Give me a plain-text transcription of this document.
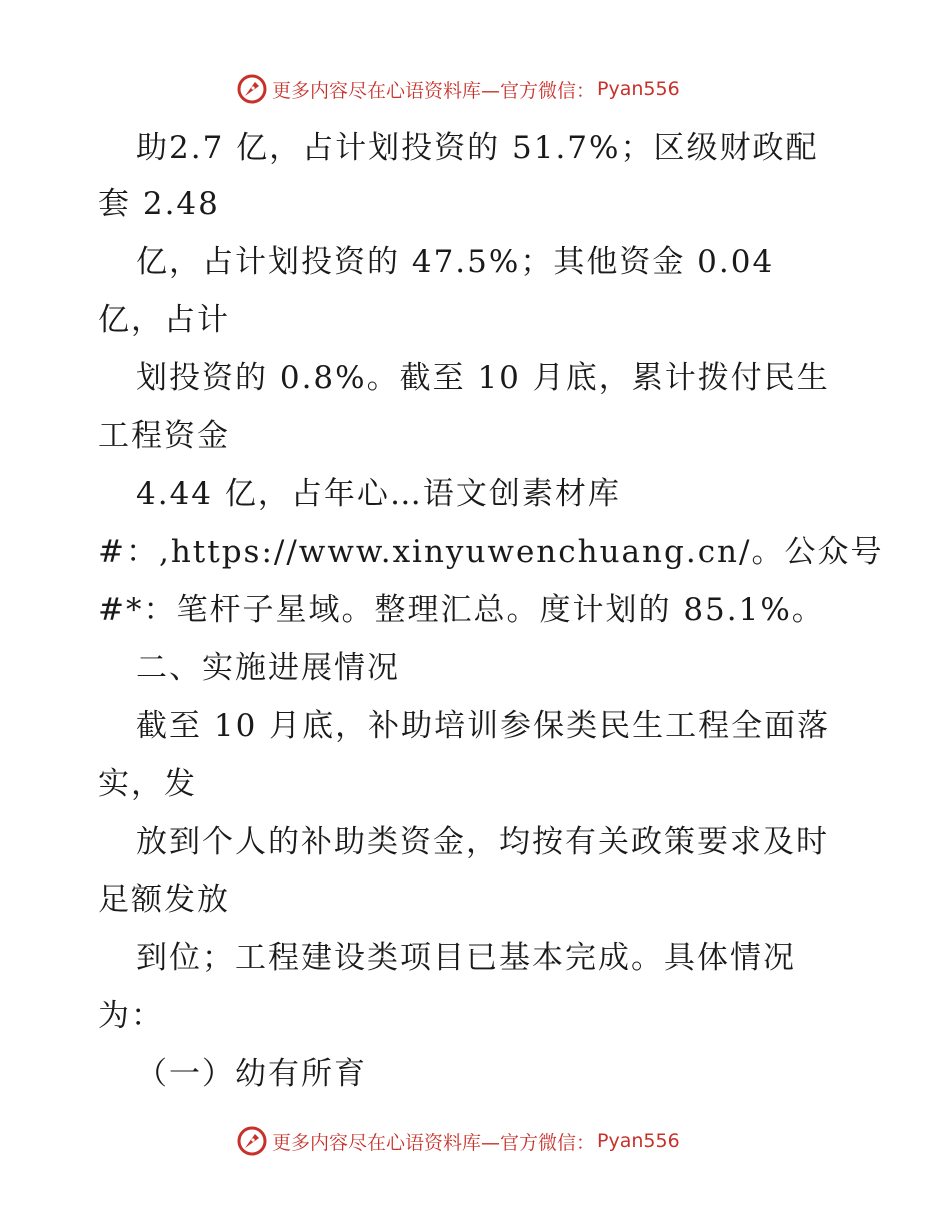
更多内容尽在心语资料库—官方微信： Pyan556
助2.7 亿，占计划投资的 51.7%；区级财政配
套 2.48
亿，占计划投资的 47.5%；其他资金 0.04
亿，占计
划投资的 0.8%。截至 10 月底，累计拨付民生
工程资金
4.44 亿，占年心…语文创素材库
#：,https://www.xinyuwenchuang.cn/。公众号
#*：笔杆子星域。整理汇总。度计划的 85.1%。
二、实施进展情况
截至 10 月底，补助培训参保类民生工程全面落
实，发
放到个人的补助类资金，均按有关政策要求及时
足额发放
到位；工程建设类项目已基本完成。具体情况
为：
（一）幼有所育
更多内容尽在心语资料库—官方微信： Pyan556
